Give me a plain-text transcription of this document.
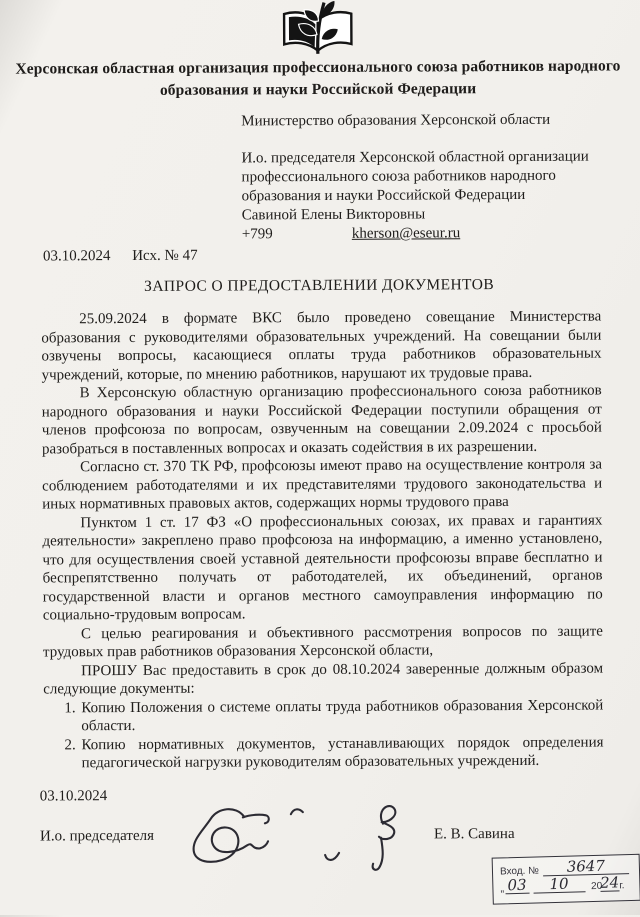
Херсонская областная организация профессионального союза работников народного
образования и науки Российской Федерации
Министерство образования Херсонской области
И.о. председателя Херсонской областной организации
профессионального союза работников народного
образования и науки Российской Федерации
Савиной Елены Викторовны
+799	kherson@eseur.ru
03.10.2024 Исх. № 47
ЗАПРОС О ПРЕДОСТАВЛЕНИИ ДОКУМЕНТОВ

25.09.2024 в формате ВКС было проведено совещание Министерства образования с руководителями образовательных учреждений. На совещании были озвучены вопросы, касающиеся оплаты труда работников образовательных учреждений, которые, по мнению работников, нарушают их трудовые права.

В Херсонскую областную организацию профессионального союза работников народного образования и науки Российской Федерации поступили обращения от членов профсоюза по вопросам, озвученным на совещании 2.09.2024 с просьбой разобраться в поставленных вопросах и оказать содействия в их разрешении.

Согласно ст. 370 ТК РФ, профсоюзы имеют право на осуществление контроля за соблюдением работодателями и их представителями трудового законодательства и иных нормативных правовых актов, содержащих нормы трудового права

Пунктом 1 ст. 17 ФЗ «О профессиональных союзах, их правах и гарантиях деятельности» закреплено право профсоюза на информацию, а именно установлено, что для осуществления своей уставной деятельности профсоюзы вправе бесплатно и беспрепятственно получать от работодателей, их объединений, органов государственной власти и органов местного самоуправления информацию по социально-трудовым вопросам.

С целью реагирования и объективного рассмотрения вопросов по защите трудовых прав работников образования Херсонской области,

ПРОШУ Вас предоставить в срок до 08.10.2024 заверенные должным образом следующие документы:

1. Копию Положения о системе оплаты труда работников образования Херсонской области.
2. Копию нормативных документов, устанавливающих порядок определения педагогической нагрузки руководителям образовательных учреждений.
03.10.2024
И.о. председателя	Е. В. Савина
Вход. №	3647
„ 03	10	20
24 г.
